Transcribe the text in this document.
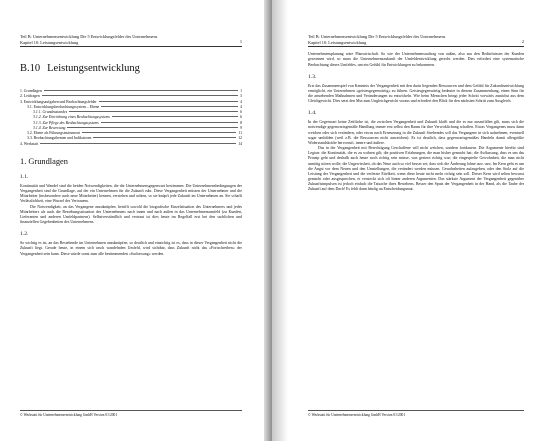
Teil B: Unternehmensentwicklung Die 5 Entwicklungsfelder des Unternehmens
Kapitel 10: Leistungsentwicklung	1
B.10 Leistungsentwicklung
1. Grundlagen	1
2. Leitfragen	3
3. Entwicklungsaufgaben und Beobachtungsfelder	4
3.1. Entwicklungsbeobachtungssystem – Ebene	4
3.1.1. Grundzustandes	6
3.1.2. Zur Einrichtung eines Beobachtungssystems	6
3.1.3. Zur Pflege des Beobachtungssystems	8
3.1.4. Zur Bewertung	9
3.2. Ebene als Führungsinstrument	11
3.3. Beobachtungsthemen und Indikatoren	12
4. Werkstatt	14
1. Grundlagen
1.1.

Kontinuität und Wandel sind die beiden Notwendigkeiten, die die Unternehmensgegenwart bestimmen. Die Unternehmensbedingungen der Vergangenheit sind die Grundlage, auf der ein Unternehmen für die Zukunft ruht. Diese Vergangenheit müssen der Unternehmer und die Mitarbeiter (insbesondere auch neue Mitarbeiter) kennen, verstehen und achten, so sie knüpft jede Zukunft im Unternehmen an. Sie schafft Verlässlichkeit, eine Wurzel des Vertrauens.

Die Notwendigkeit, an das Vergangene anzuknüpfen, betrifft sowohl die biografische Einzelsituation des Unternehmers und jedes Mitarbeiters als auch die Beziehungssituation des Unternehmens nach innen und nach außen in das Unternehmensumfeld (zu Kunden, Lieferanten und anderen Umfeldpartnern). Selbstverständlich und vertraut ist dies heute im Regelfall erst bei den sachlichen und finanziellen Gegebenheiten des Unternehmens.

1.2.

So wichtig es ist, an das Bestehende im Unternehmen anzuknüpfen, so deutlich und einsichtig ist es, dass in dieser Vergangenheit nicht die Zukunft liegt. Gerade heute, in einem sich rasch wandelnden Umfeld, wird sichtbar, dass Zukunft nicht das »Fortschreiben« der Vergangenheit sein kann. Diese würde sonst zum alle bestimmenden »Sachzwang« werden.

© Werkstatt für Unternehmensentwicklung GmbH Version 01/2001
Teil B: Unternehmensentwicklung Die 5 Entwicklungsfelder des Unternehmens
Kapitel 10: Leistungsentwicklung	2

Unternehmensplanung wäre Planwirtschaft. So wie der Unternehmensauftrag von außen, also aus den Bedürfnissen der Kunden gewonnen wird, so muss die Unternehmenszukunft der Umfeldentwicklung gerecht werden. Dies erfordert eine systematische Beobachtung dieses Umfeldes, um ein Gefühl für Entwicklungen zu bekommen.

1.3.

Erst das Zusammenspiel von Kenntnis der Vergangenheit mit den darin liegenden Ressourcen und dem Gefühl für Zukunftsentwicklung ermöglicht, ein Unternehmen »geistesgegenwärtig« zu führen. Geistesgegenwärtig bedeutet in diesem Zusammenhang, einen Sinn für die anstehenden Maßnahmen und Veränderungen zu entwickeln. Wie beim Menschen bringt jeder Schritt vorwärts zunächst aus dem Gleichgewicht. Dies setzt den Mut zum Ungleichgewicht voraus und erfordert den Blick für den nächsten Schritt zum Ausgleich.

1.4.

In der Gegenwart keine Zeitlücke ist, die zwischen Vergangenheit und Zukunft klafft und die es nur auszufüllen gilt, muss sich die notwendige gegenwartsgemäße Handlung immer erst selbst den Raum für ihre Verwirklichung schaffen. Etwas Vergangenes muss dann weichen oder sich verändern, oder etwas nach Erneuerung in die Zukunft Strebendes soll das Vergangene in sich aufnehmen, eventuell sogar umbilden (weil z.B. die Ressourcen nicht ausreichen): Es ist deutlich, dass gegenwartsgemäßes Handeln damit allergrößte Widerstandskräfte hervorruft, innere und äußere.

Das in der Vergangenheit mit Berechtigung Geschaffene will nicht weichen, sondern fortdauern. Die Argumente hierfür sind Legion: die Kontinuität, die es zu wahren gilt; die positiven Erfahrungen, die man bisher gemacht hat; die Auffassung, dass es um das Prinzip geht und deshalb auch heute noch richtig sein müsse, was gestern richtig war; die eingespielte Gewohnheit, die man nicht unnötig stören wolle; die Ungewissheit, ob das Neue auch so viel besser sei; dass sich die Änderung lohne usw. usw. Im Kern geht es um die Angst vor dem Neuen und den Umstellungen, die verändert werden müssen. Gewohnheiten aufzugeben, oder den Stolz auf die Leistung der Vergangenheit und die verletzte Eitelkeit, wenn diese heute nicht mehr richtig sein soll. Dieser Kern wird selten bewusst gemacht oder ausgesprochen, er versteckt sich oft hinter anderen Argumenten. Das stärkste Argument der Vergangenheit gegenüber Zukunftsimpulsen ist jedoch einfach die Tatsache ihres Bestehens. Besser den Spatz der Vergangenheit in der Hand, als die Taube der Zukunft auf dem Dach! Es fehlt dann häufig an Entscheidungsmut.

© Werkstatt für Unternehmensentwicklung GmbH Version 01/2001
